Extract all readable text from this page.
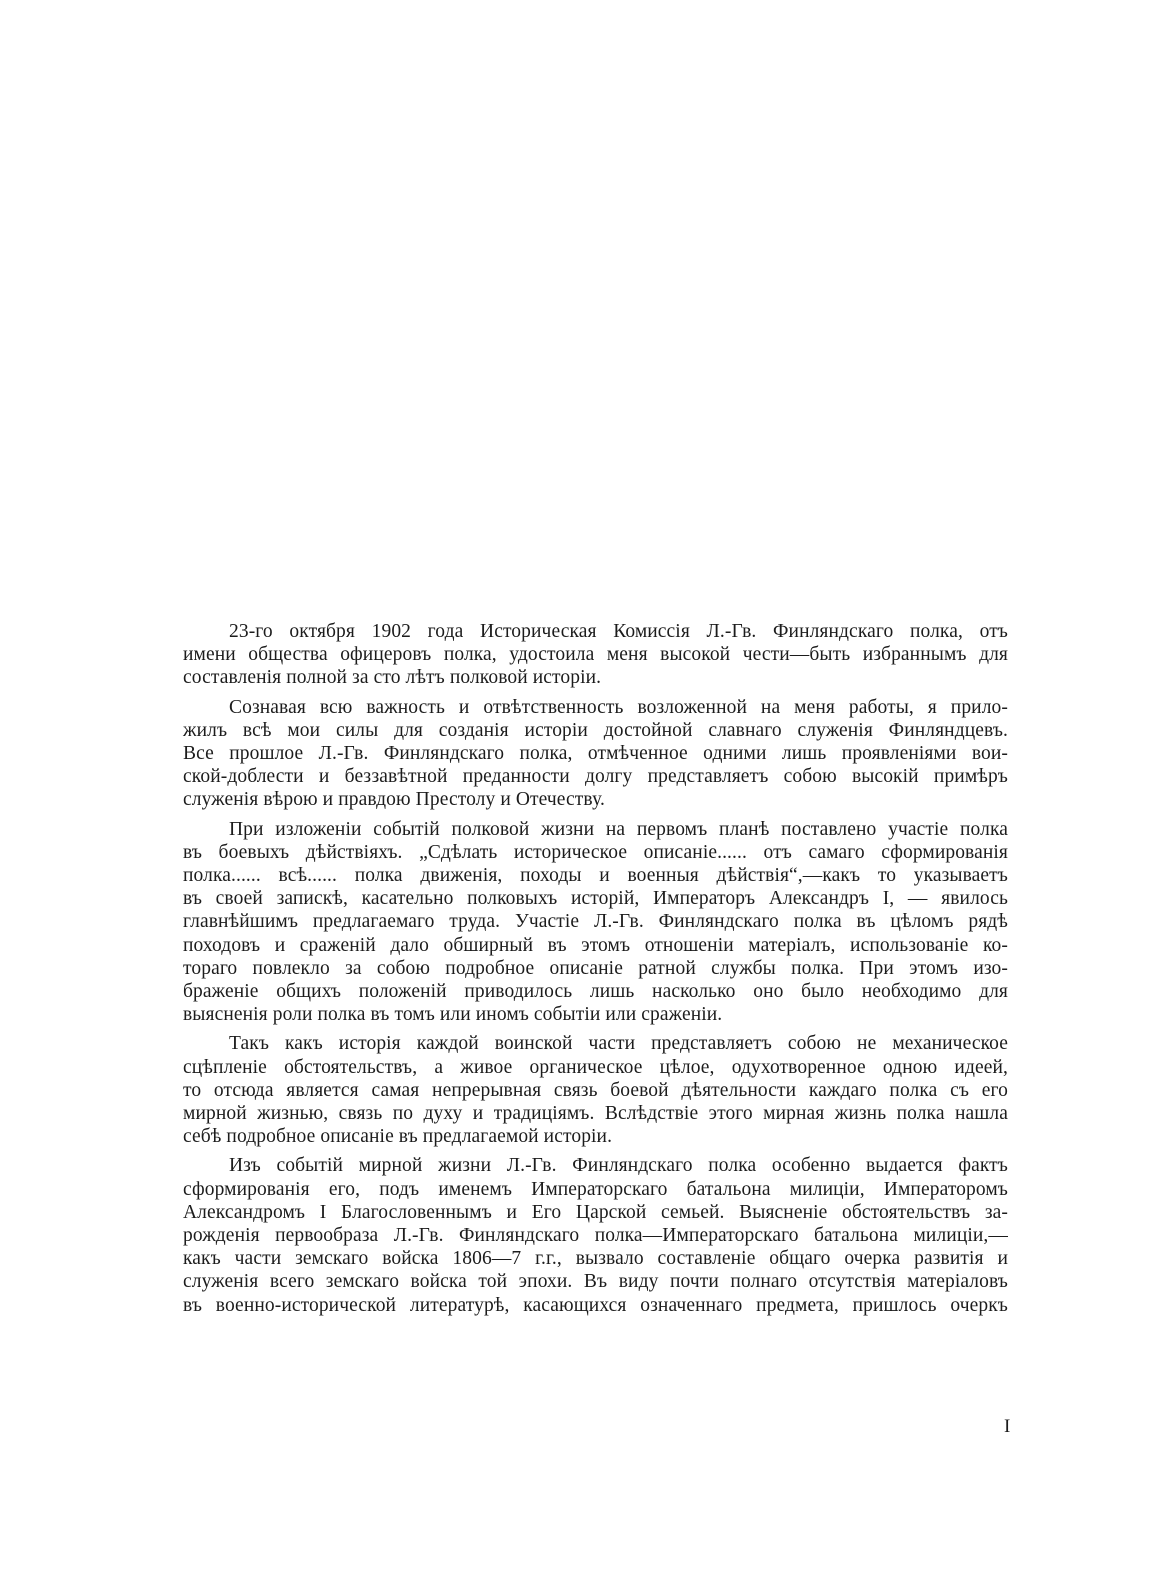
23-го октября 1902 года Историческая Комиссія Л.-Гв. Финляндскаго полка, отъ
имени общества офицеровъ полка, удостоила меня высокой чести—быть избраннымъ для
составленія полной за сто лѣтъ полковой исторіи.
Сознавая всю важность и отвѣтственность возложенной на меня работы, я прило-
жилъ всѣ мои силы для созданія исторіи достойной славнаго служенія Финляндцевъ.
Все прошлое Л.-Гв. Финляндскаго полка, отмѣченное одними лишь проявленіями вои-
ской-доблести и беззавѣтной преданности долгу представляетъ собою высокій примѣръ
служенія вѣрою и правдою Престолу и Отечеству.
При изложеніи событій полковой жизни на первомъ планѣ поставлено участіе полка
въ боевыхъ дѣйствіяхъ. „Сдѣлать историческое описаніе...... отъ самаго сформированія
полка...... всѣ...... полка движенія, походы и военныя дѣйствія“,—какъ то указываетъ
въ своей запискѣ, касательно полковыхъ исторій, Императоръ Александръ I, — явилось
главнѣйшимъ предлагаемаго труда. Участіе Л.-Гв. Финляндскаго полка въ цѣломъ рядѣ
походовъ и сраженій дало обширный въ этомъ отношеніи матеріалъ, использованіе ко-
тораго повлекло за собою подробное описаніе ратной службы полка. При этомъ изо-
браженіе общихъ положеній приводилось лишь насколько оно было необходимо для
выясненія роли полка въ томъ или иномъ событіи или сраженіи.
Такъ какъ исторія каждой воинской части представляетъ собою не механическое
сцѣпленіе обстоятельствъ, а живое органическое цѣлое, одухотворенное одною идеей,
то отсюда является самая непрерывная связь боевой дѣятельности каждаго полка съ его
мирной жизнью, связь по духу и традиціямъ. Вслѣдствіе этого мирная жизнь полка нашла
себѣ подробное описаніе въ предлагаемой исторіи.
Изъ событій мирной жизни Л.-Гв. Финляндскаго полка особенно выдается фактъ
сформированія его, подъ именемъ Императорскаго батальона милиціи, Императоромъ
Александромъ I Благословеннымъ и Его Царской семьей. Выясненіе обстоятельствъ за-
рожденія первообраза Л.-Гв. Финляндскаго полка—Императорскаго батальона милиціи,—
какъ части земскаго войска 1806—7 г.г., вызвало составленіе общаго очерка развитія и
служенія всего земскаго войска той эпохи. Въ виду почти полнаго отсутствія матеріаловъ
въ военно-исторической литературѣ, касающихся означеннаго предмета, пришлось очеркъ
I
